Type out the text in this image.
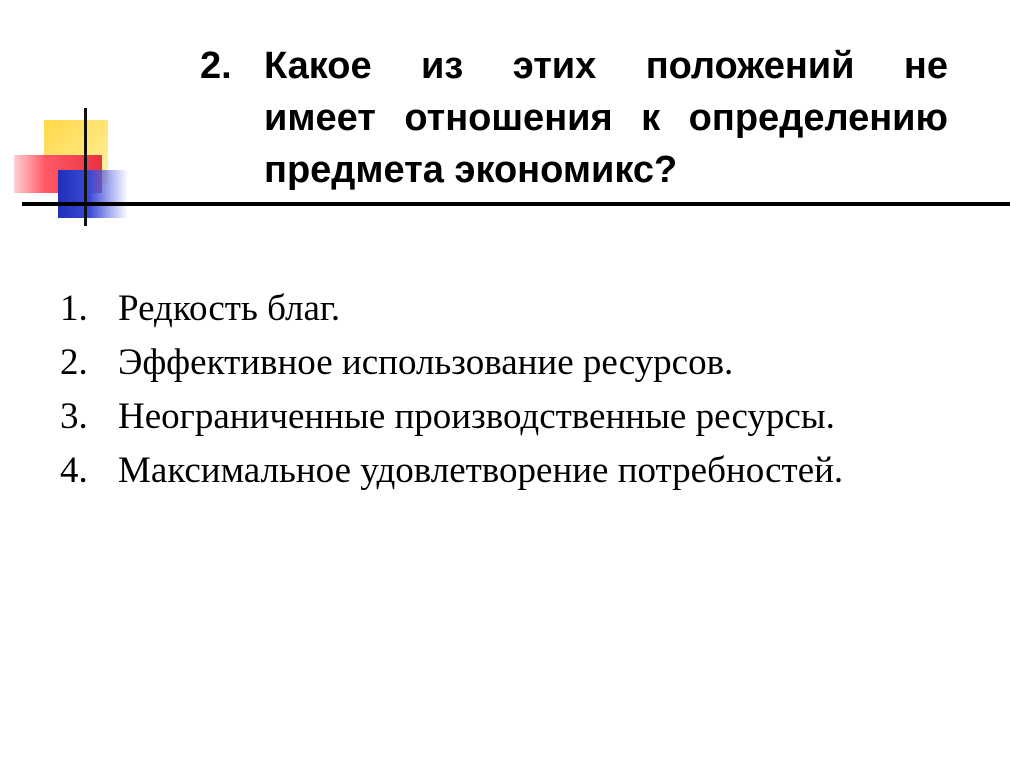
2. Какое из этих положений не
имеет отношения к определению предмета экономикс?
1. Редкость благ.
2. Эффективное использование ресурсов.
3. Неограниченные производственные ресурсы.
4. Максимальное удовлетворение потребностей.
